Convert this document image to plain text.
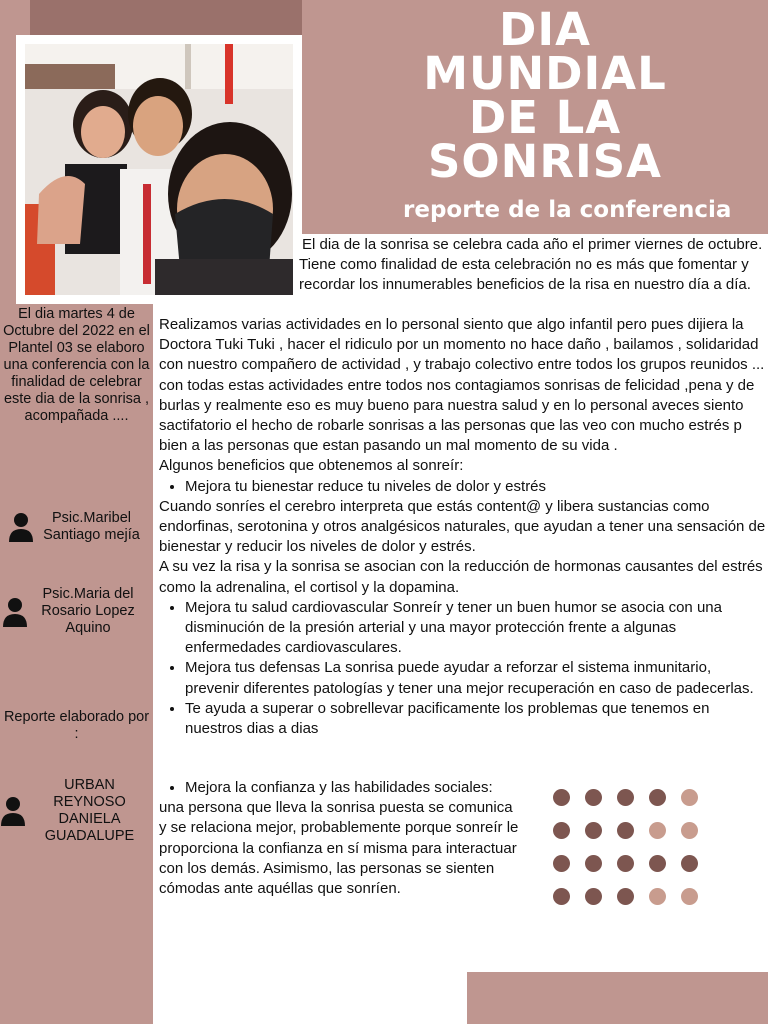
DIA
MUNDIAL
DE LA
SONRISA
reporte de la conferencia
El dia martes 4 de Octubre del 2022 en el Plantel 03 se elaboro una conferencia con la finalidad de celebrar este dia de la sonrisa , acompañada ....
Psic.Maribel Santiago mejía
Psic.Maria del Rosario Lopez Aquino
Reporte elaborado por :
URBAN REYNOSO DANIELA GUADALUPE

El dia de la sonrisa se celebra cada año el primer viernes de octubre. Tiene como finalidad de esta celebración no es más que fomentar y recordar los innumerables beneficios de la risa en nuestro día a día.

Realizamos varias actividades en lo personal siento que algo infantil pero pues dijiera la Doctora Tuki Tuki , hacer el ridiculo por un momento no hace daño , bailamos , solidaridad con nuestro compañero de actividad , y trabajo colectivo entre todos los grupos reunidos ...

con todas estas actividades entre todos nos contagiamos sonrisas de felicidad ,pena y de burlas y realmente eso es muy bueno para nuestra salud y en lo personal aveces siento sactifatorio el hecho de robarle sonrisas a las personas que las veo con mucho estrés p bien a las personas que estan pasando un mal momento de su vida .

Algunos beneficios que obtenemos al sonreír:

• Mejora tu bienestar reduce tu niveles de dolor y estrés

Cuando sonríes el cerebro interpreta que estás content@ y libera sustancias como endorfinas, serotonina y otros analgésicos naturales, que ayudan a tener una sensación de bienestar y reducir los niveles de dolor y estrés.

A su vez la risa y la sonrisa se asocian con la reducción de hormonas causantes del estrés como la adrenalina, el cortisol y la dopamina.

• Mejora tu salud cardiovascular Sonreír y tener un buen humor se asocia con una disminución de la presión arterial y una mayor protección frente a algunas enfermedades cardiovasculares.
• Mejora tus defensas La sonrisa puede ayudar a reforzar el sistema inmunitario, prevenir diferentes patologías y tener una mejor recuperación en caso de padecerlas.
• Te ayuda a superar o sobrellevar pacificamente los problemas que tenemos en nuestros dias a dias
• Mejora la confianza y las habilidades sociales:

una persona que lleva la sonrisa puesta se comunica y se relaciona mejor, probablemente porque sonreír le proporciona la confianza en sí misma para interactuar con los demás. Asimismo, las personas se sienten cómodas ante aquéllas que sonríen.
